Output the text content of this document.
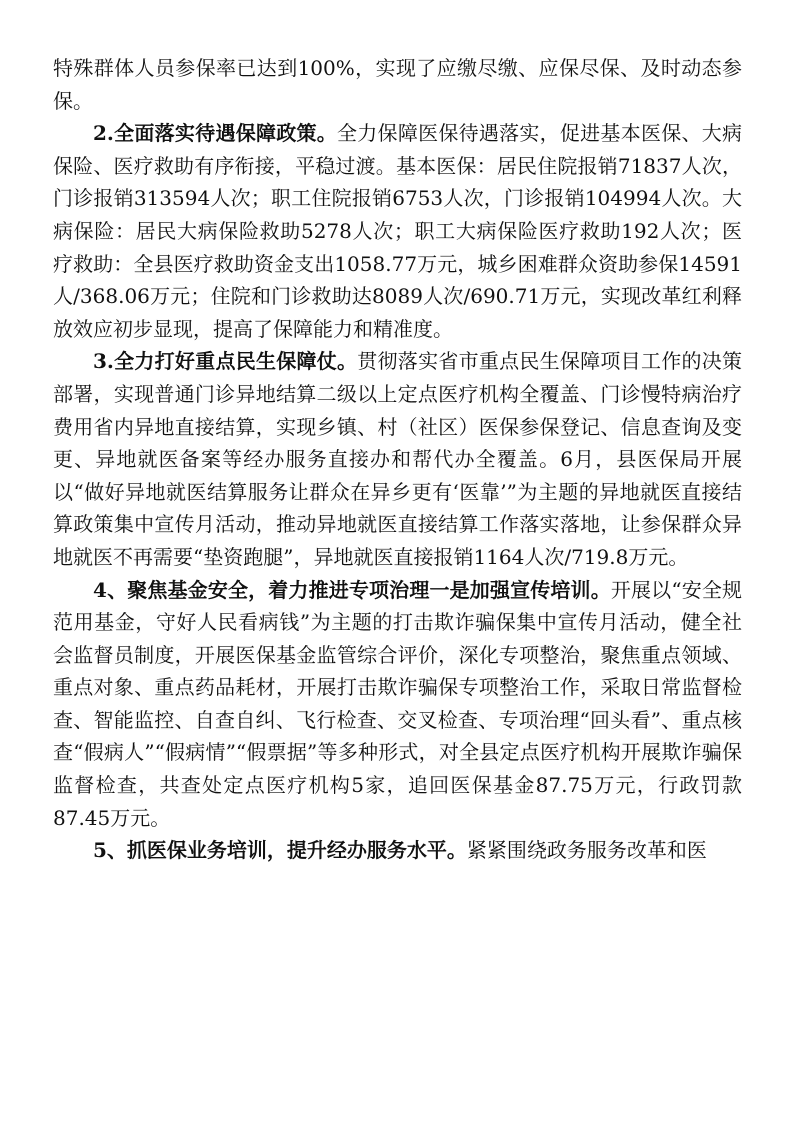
特殊群体人员参保率已达到100%，实现了应缴尽缴、应保尽保、及时动态参保。

2.全面落实待遇保障政策。全力保障医保待遇落实，促进基本医保、大病保险、医疗救助有序衔接，平稳过渡。基本医保：居民住院报销71837人次，门诊报销313594人次；职工住院报销6753人次，门诊报销104994人次。大病保险：居民大病保险救助5278人次；职工大病保险医疗救助192人次；医疗救助：全县医疗救助资金支出1058.77万元，城乡困难群众资助参保14591人/368.06万元；住院和门诊救助达8089人次/690.71万元，实现改革红利释放效应初步显现，提高了保障能力和精准度。

3.全力打好重点民生保障仗。贯彻落实省市重点民生保障项目工作的决策部署，实现普通门诊异地结算二级以上定点医疗机构全覆盖、门诊慢特病治疗费用省内异地直接结算，实现乡镇、村（社区）医保参保登记、信息查询及变更、异地就医备案等经办服务直接办和帮代办全覆盖。6月，县医保局开展以“做好异地就医结算服务让群众在异乡更有‘医靠’”为主题的异地就医直接结算政策集中宣传月活动，推动异地就医直接结算工作落实落地，让参保群众异地就医不再需要“垫资跑腿”，异地就医直接报销1164人次/719.8万元。

4、聚焦基金安全，着力推进专项治理一是加强宣传培训。开展以“安全规范用基金，守好人民看病钱”为主题的打击欺诈骗保集中宣传月活动，健全社会监督员制度，开展医保基金监管综合评价，深化专项整治，聚焦重点领域、重点对象、重点药品耗材，开展打击欺诈骗保专项整治工作，采取日常监督检查、智能监控、自查自纠、飞行检查、交叉检查、专项治理“回头看”、重点核查“假病人”“假病情”“假票据”等多种形式，对全县定点医疗机构开展欺诈骗保监督检查，共查处定点医疗机构5家，追回医保基金87.75万元，行政罚款87.45万元。

5、抓医保业务培训，提升经办服务水平。紧紧围绕政务服务改革和医
